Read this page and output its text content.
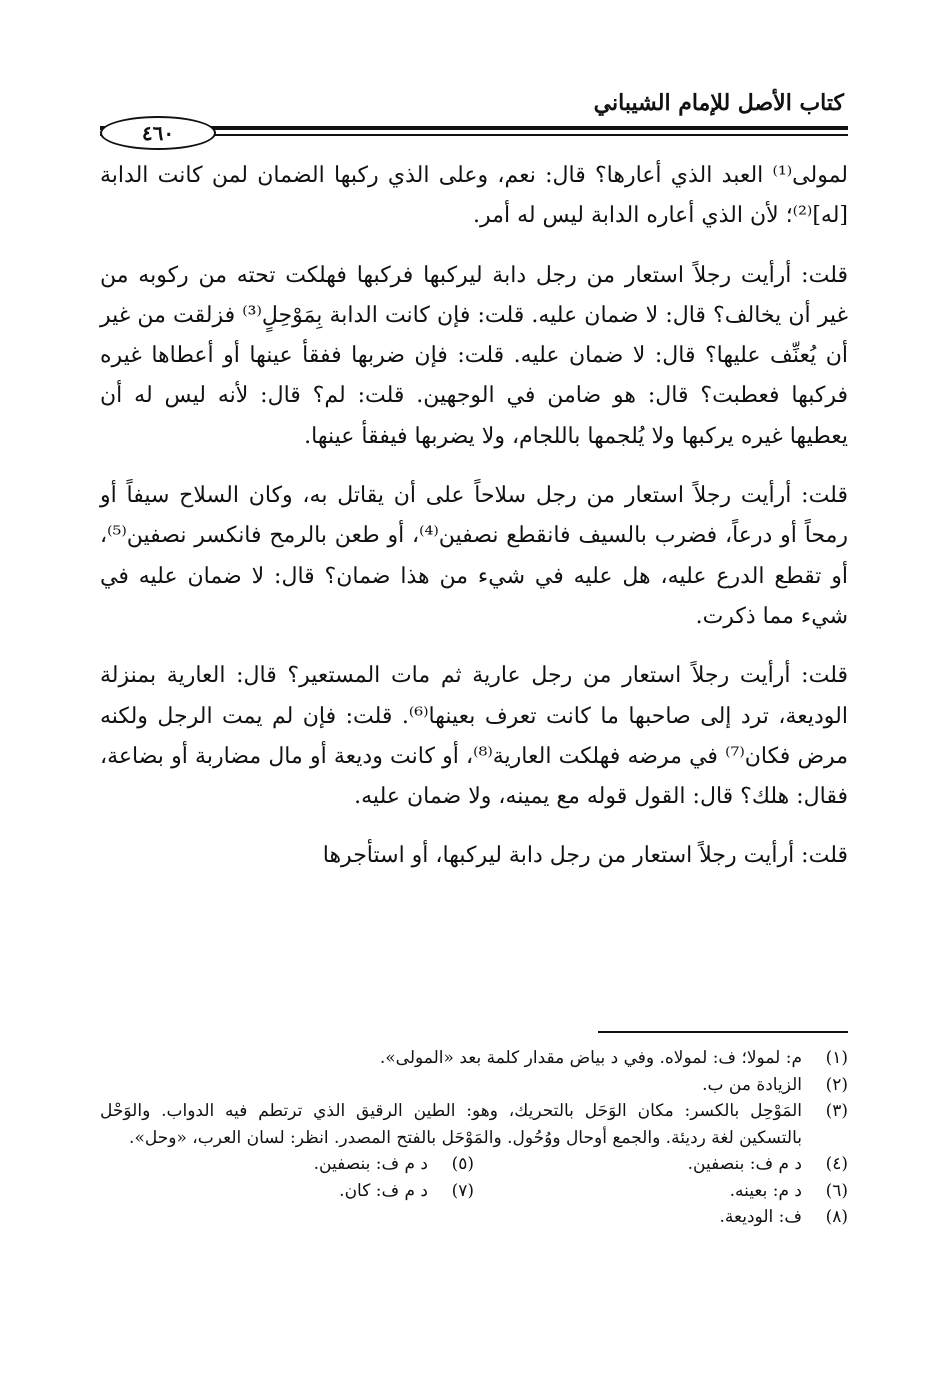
كتاب الأصل للإمام الشيباني
٤٦٠

لمولى⁽¹⁾ العبد الذي أعارها؟ قال: نعم، وعلى الذي ركبها الضمان لمن كانت الدابة [له]⁽²⁾؛ لأن الذي أعاره الدابة ليس له أمر.

قلت: أرأيت رجلاً استعار من رجل دابة ليركبها فركبها فهلكت تحته من ركوبه من غير أن يخالف؟ قال: لا ضمان عليه. قلت: فإن كانت الدابة بِمَوْحِلٍ⁽³⁾ فزلقت من غير أن يُعنِّف عليها؟ قال: لا ضمان عليه. قلت: فإن ضربها ففقأ عينها أو أعطاها غيره فركبها فعطبت؟ قال: هو ضامن في الوجهين. قلت: لم؟ قال: لأنه ليس له أن يعطيها غيره يركبها ولا يُلجمها باللجام، ولا يضربها فيفقأ عينها.

قلت: أرأيت رجلاً استعار من رجل سلاحاً على أن يقاتل به، وكان السلاح سيفاً أو رمحاً أو درعاً، فضرب بالسيف فانقطع نصفين⁽⁴⁾، أو طعن بالرمح فانكسر نصفين⁽⁵⁾، أو تقطع الدرع عليه، هل عليه في شيء من هذا ضمان؟ قال: لا ضمان عليه في شيء مما ذكرت.

قلت: أرأيت رجلاً استعار من رجل عارية ثم مات المستعير؟ قال: العارية بمنزلة الوديعة، ترد إلى صاحبها ما كانت تعرف بعينها⁽⁶⁾. قلت: فإن لم يمت الرجل ولكنه مرض فكان⁽⁷⁾ في مرضه فهلكت العارية⁽⁸⁾، أو كانت وديعة أو مال مضاربة أو بضاعة، فقال: هلك؟ قال: القول قوله مع يمينه، ولا ضمان عليه.

قلت: أرأيت رجلاً استعار من رجل دابة ليركبها، أو استأجرها

(١)
م: لمولا؛ ف: لمولاه. وفي د بياض مقدار كلمة بعد «المولى».
(٢)
الزيادة من ب.
(٣)
المَوْحِل بالكسر: مكان الوَحَل بالتحريك، وهو: الطين الرقيق الذي ترتطم فيه الدواب. والوَحْل بالتسكين لغة رديئة. والجمع أوحال ووُحُول. والمَوْحَل بالفتح المصدر. انظر: لسان العرب، «وحل».
(٤)
د م ف: بنصفين.
(٥)
د م ف: بنصفين.
(٦)
د م: بعينه.
(٧)
د م ف: كان.
(٨)
ف: الوديعة.
